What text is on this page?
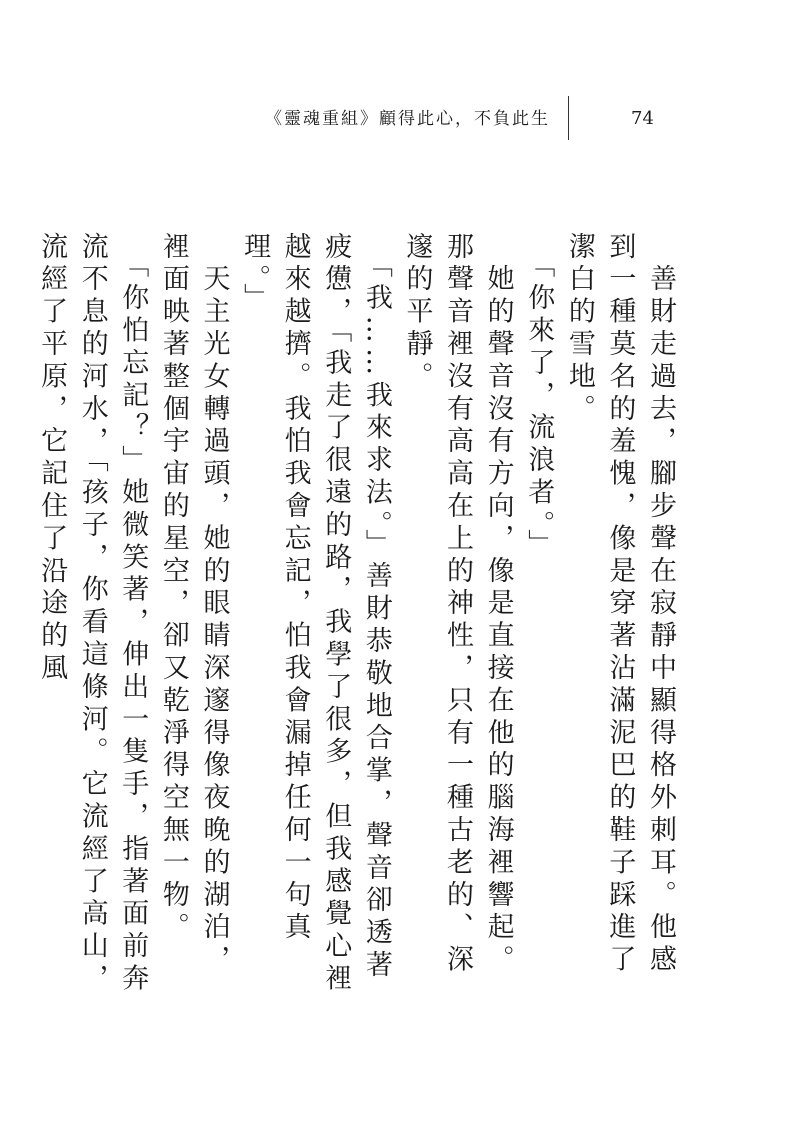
《靈魂重組》顧得此心，不負此生	74

　善財走過去，腳步聲在寂靜中顯得格外刺耳。他感到一種莫名的羞愧，像是穿著沾滿泥巴的鞋子踩進了潔白的雪地。

　「你來了，流浪者。」

　她的聲音沒有方向，像是直接在他的腦海裡響起。那聲音裡沒有高高在上的神性，只有一種古老的、深邃的平靜。

　「我……我來求法。」善財恭敬地合掌，聲音卻透著疲憊，「我走了很遠的路，我學了很多，但我感覺心裡越來越擠。我怕我會忘記，怕我會漏掉任何一句真理。」

　天主光女轉過頭，她的眼睛深邃得像夜晚的湖泊，裡面映著整個宇宙的星空，卻又乾淨得空無一物。

　「你怕忘記？」她微笑著，伸出一隻手，指著面前奔流不息的河水，「孩子，你看這條河。它流經了高山，流經了平原，它記住了沿途的風
